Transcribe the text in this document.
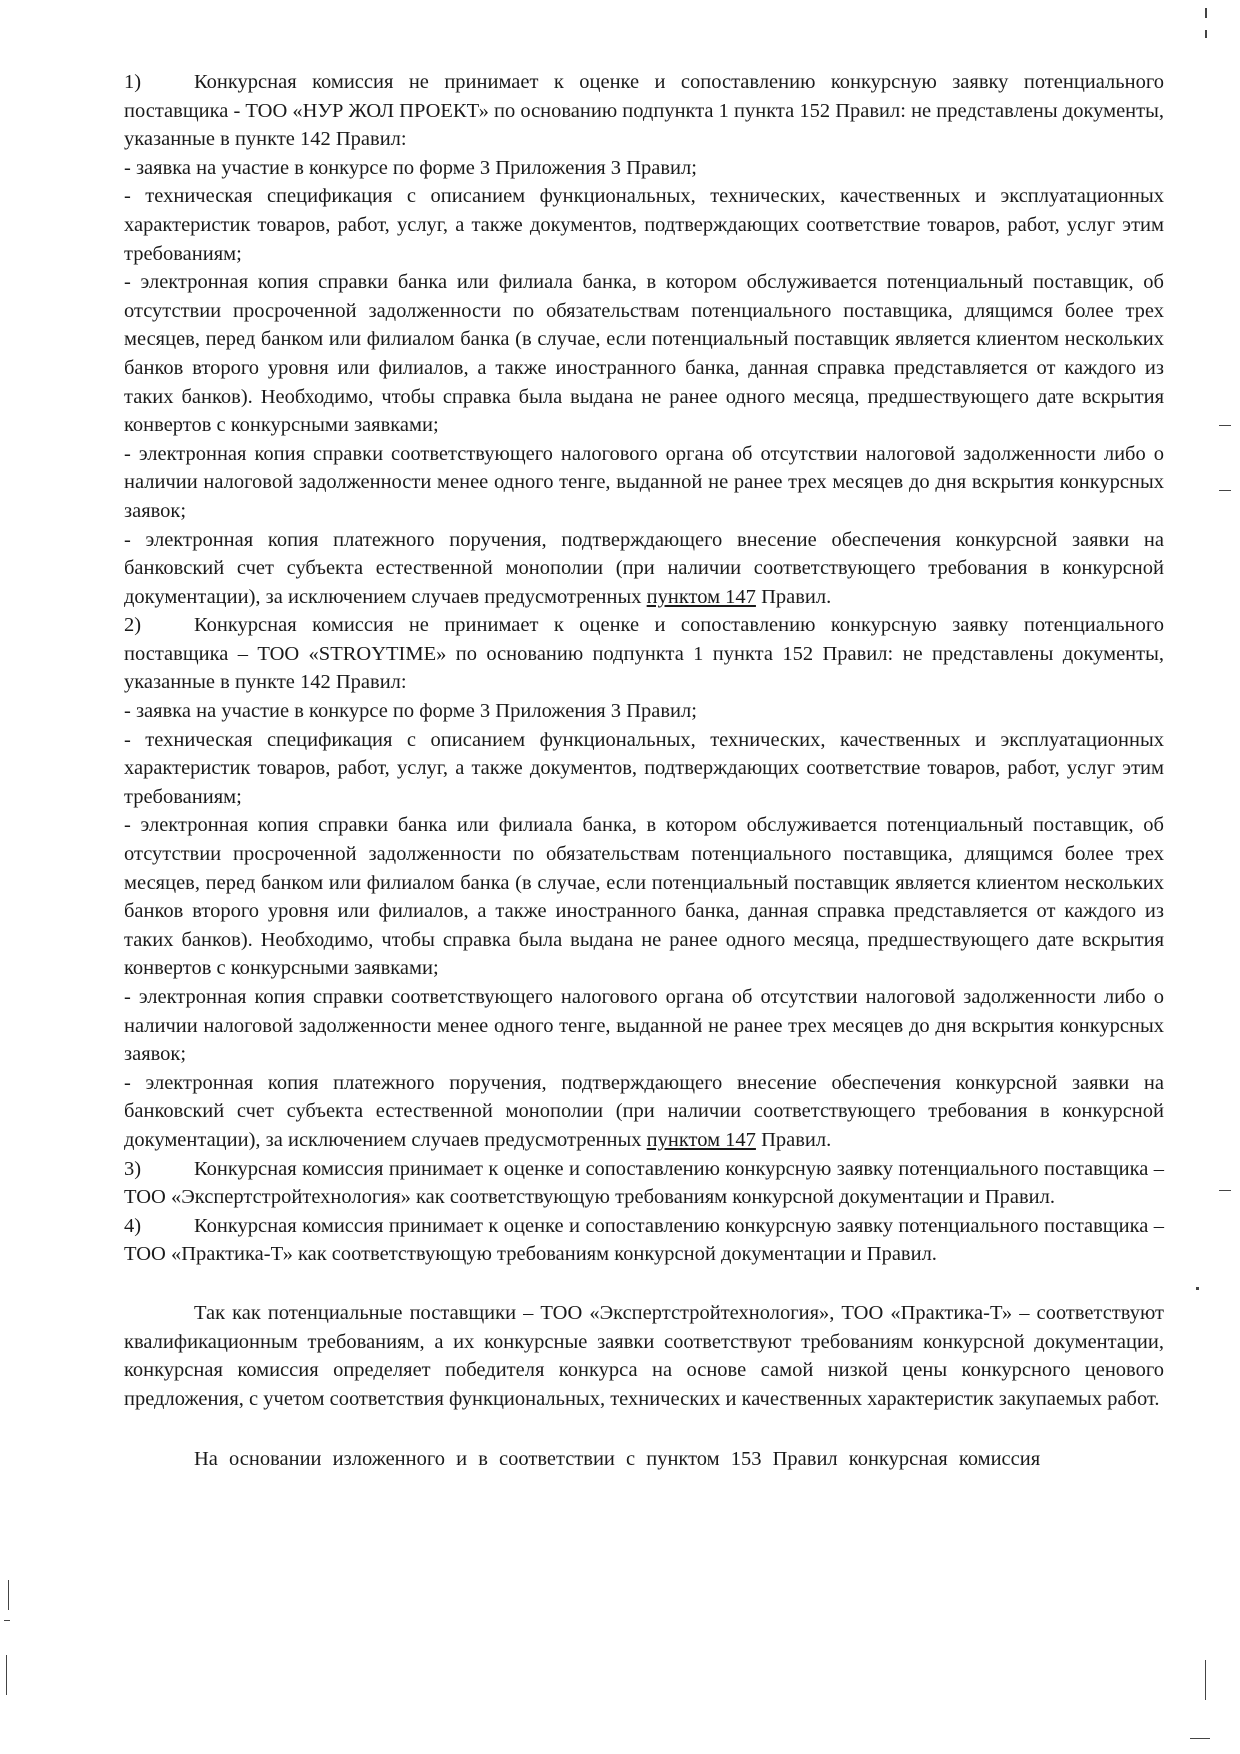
1)	Конкурсная комиссия не принимает к оценке и сопоставлению конкурсную заявку потенциального поставщика - ТОО «НУР ЖОЛ ПРОЕКТ» по основанию подпункта 1 пункта 152 Правил: не представлены документы, указанные в пункте 142 Правил:

- заявка на участие в конкурсе по форме 3 Приложения 3 Правил;

- техническая спецификация с описанием функциональных, технических, качественных и эксплуатационных характеристик товаров, работ, услуг, а также документов, подтверждающих соответствие товаров, работ, услуг этим требованиям;

- электронная копия справки банка или филиала банка, в котором обслуживается потенциальный поставщик, об отсутствии просроченной задолженности по обязательствам потенциального поставщика, длящимся более трех месяцев, перед банком или филиалом банка (в случае, если потенциальный поставщик является клиентом нескольких банков второго уровня или филиалов, а также иностранного банка, данная справка представляется от каждого из таких банков). Необходимо, чтобы справка была выдана не ранее одного месяца, предшествующего дате вскрытия конвертов с конкурсными заявками;

- электронная копия справки соответствующего налогового органа об отсутствии налоговой задолженности либо о наличии налоговой задолженности менее одного тенге, выданной не ранее трех месяцев до дня вскрытия конкурсных заявок;

- электронная копия платежного поручения, подтверждающего внесение обеспечения конкурсной заявки на банковский счет субъекта естественной монополии (при наличии соответствующего требования в конкурсной документации), за исключением случаев предусмотренных пунктом 147 Правил.

2)	Конкурсная комиссия не принимает к оценке и сопоставлению конкурсную заявку потенциального поставщика – ТОО «STROYTIME» по основанию подпункта 1 пункта 152 Правил: не представлены документы, указанные в пункте 142 Правил:

- заявка на участие в конкурсе по форме 3 Приложения 3 Правил;

- техническая спецификация с описанием функциональных, технических, качественных и эксплуатационных характеристик товаров, работ, услуг, а также документов, подтверждающих соответствие товаров, работ, услуг этим требованиям;

- электронная копия справки банка или филиала банка, в котором обслуживается потенциальный поставщик, об отсутствии просроченной задолженности по обязательствам потенциального поставщика, длящимся более трех месяцев, перед банком или филиалом банка (в случае, если потенциальный поставщик является клиентом нескольких банков второго уровня или филиалов, а также иностранного банка, данная справка представляется от каждого из таких банков). Необходимо, чтобы справка была выдана не ранее одного месяца, предшествующего дате вскрытия конвертов с конкурсными заявками;

- электронная копия справки соответствующего налогового органа об отсутствии налоговой задолженности либо о наличии налоговой задолженности менее одного тенге, выданной не ранее трех месяцев до дня вскрытия конкурсных заявок;

- электронная копия платежного поручения, подтверждающего внесение обеспечения конкурсной заявки на банковский счет субъекта естественной монополии (при наличии соответствующего требования в конкурсной документации), за исключением случаев предусмотренных пунктом 147 Правил.

3)	Конкурсная комиссия принимает к оценке и сопоставлению конкурсную заявку потенциального поставщика – ТОО «Экспертстройтехнология» как соответствующую требованиям конкурсной документации и Правил.

4)	Конкурсная комиссия принимает к оценке и сопоставлению конкурсную заявку потенциального поставщика – ТОО «Практика-Т» как соответствующую требованиям конкурсной документации и Правил.

Так как потенциальные поставщики – ТОО «Экспертстройтехнология», ТОО «Практика-Т» – соответствуют квалификационным требованиям, а их конкурсные заявки соответствуют требованиям конкурсной документации, конкурсная комиссия определяет победителя конкурса на основе самой низкой цены конкурсного ценового предложения, с учетом соответствия функциональных, технических и качественных характеристик закупаемых работ.

На основании изложенного и в соответствии с пунктом 153 Правил конкурсная комиссия
